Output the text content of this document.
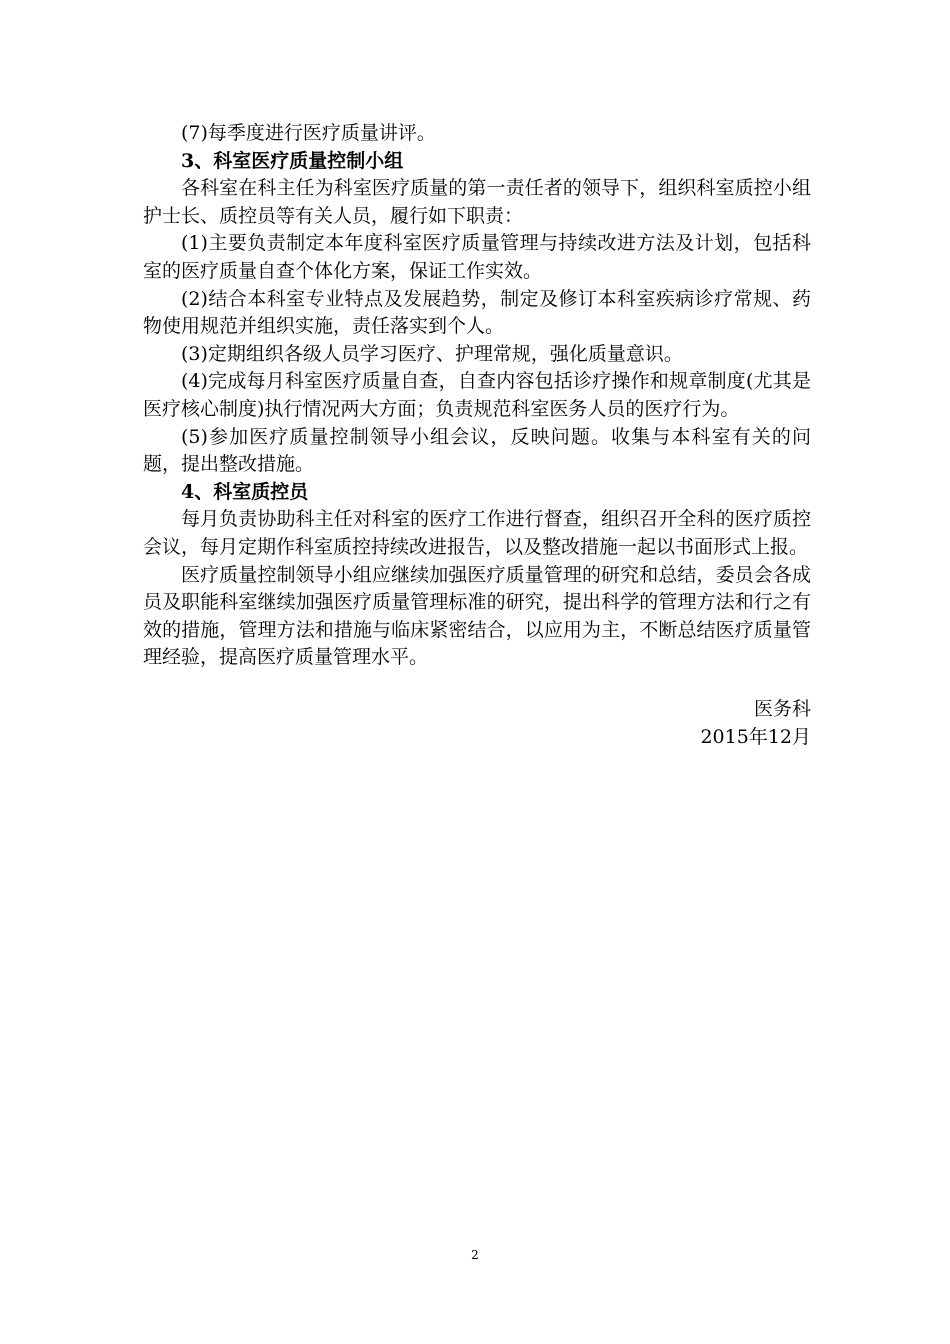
(7)每季度进行医疗质量讲评。

3、科室医疗质量控制小组

各科室在科主任为科室医疗质量的第一责任者的领导下，组织科室质控小组护士长、质控员等有关人员，履行如下职责：

(1)主要负责制定本年度科室医疗质量管理与持续改进方法及计划，包括科室的医疗质量自查个体化方案，保证工作实效。

(2)结合本科室专业特点及发展趋势，制定及修订本科室疾病诊疗常规、药物使用规范并组织实施，责任落实到个人。

(3)定期组织各级人员学习医疗、护理常规，强化质量意识。

(4)完成每月科室医疗质量自查，自查内容包括诊疗操作和规章制度(尤其是医疗核心制度)执行情况两大方面；负责规范科室医务人员的医疗行为。

(5)参加医疗质量控制领导小组会议，反映问题。收集与本科室有关的问题，提出整改措施。

4、科室质控员

每月负责协助科主任对科室的医疗工作进行督查，组织召开全科的医疗质控会议，每月定期作科室质控持续改进报告，以及整改措施一起以书面形式上报。

医疗质量控制领导小组应继续加强医疗质量管理的研究和总结，委员会各成员及职能科室继续加强医疗质量管理标准的研究，提出科学的管理方法和行之有效的措施，管理方法和措施与临床紧密结合，以应用为主，不断总结医疗质量管理经验，提高医疗质量管理水平。

医务科
2015年12月
2
